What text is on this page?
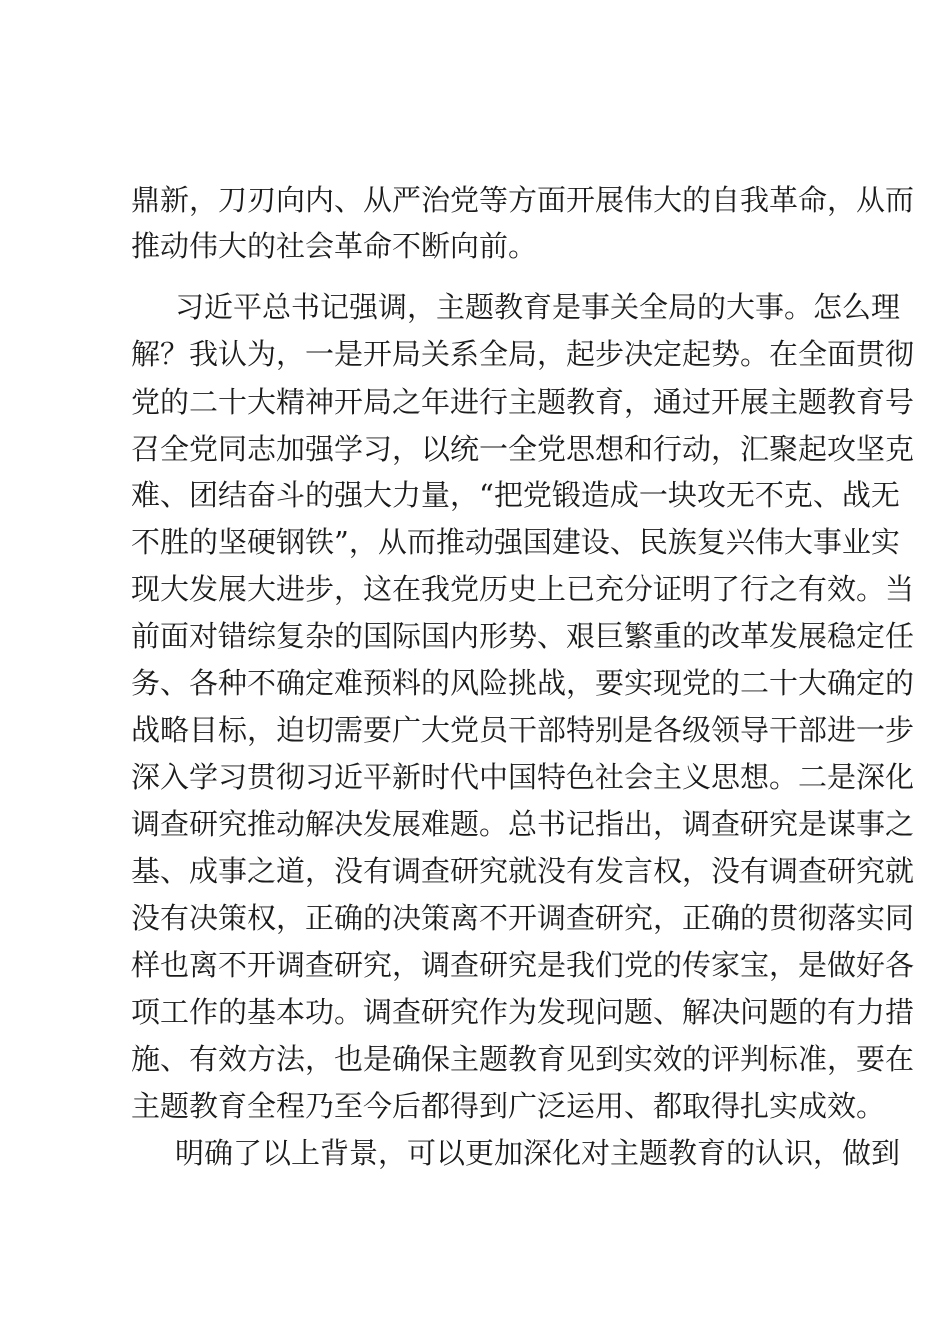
鼎新，刀刃向内、从严治党等方面开展伟大的自我革命，从而
推动伟大的社会革命不断向前。
习近平总书记强调，主题教育是事关全局的大事。怎么理
解？我认为，一是开局关系全局，起步决定起势。在全面贯彻
党的二十大精神开局之年进行主题教育，通过开展主题教育号
召全党同志加强学习，以统一全党思想和行动，汇聚起攻坚克
难、团结奋斗的强大力量，“把党锻造成一块攻无不克、战无
不胜的坚硬钢铁”，从而推动强国建设、民族复兴伟大事业实
现大发展大进步，这在我党历史上已充分证明了行之有效。当
前面对错综复杂的国际国内形势、艰巨繁重的改革发展稳定任
务、各种不确定难预料的风险挑战，要实现党的二十大确定的
战略目标，迫切需要广大党员干部特别是各级领导干部进一步
深入学习贯彻习近平新时代中国特色社会主义思想。二是深化
调查研究推动解决发展难题。总书记指出，调查研究是谋事之
基、成事之道，没有调查研究就没有发言权，没有调查研究就
没有决策权，正确的决策离不开调查研究，正确的贯彻落实同
样也离不开调查研究，调查研究是我们党的传家宝，是做好各
项工作的基本功。调查研究作为发现问题、解决问题的有力措
施、有效方法，也是确保主题教育见到实效的评判标准，要在
主题教育全程乃至今后都得到广泛运用、都取得扎实成效。
明确了以上背景，可以更加深化对主题教育的认识，做到
